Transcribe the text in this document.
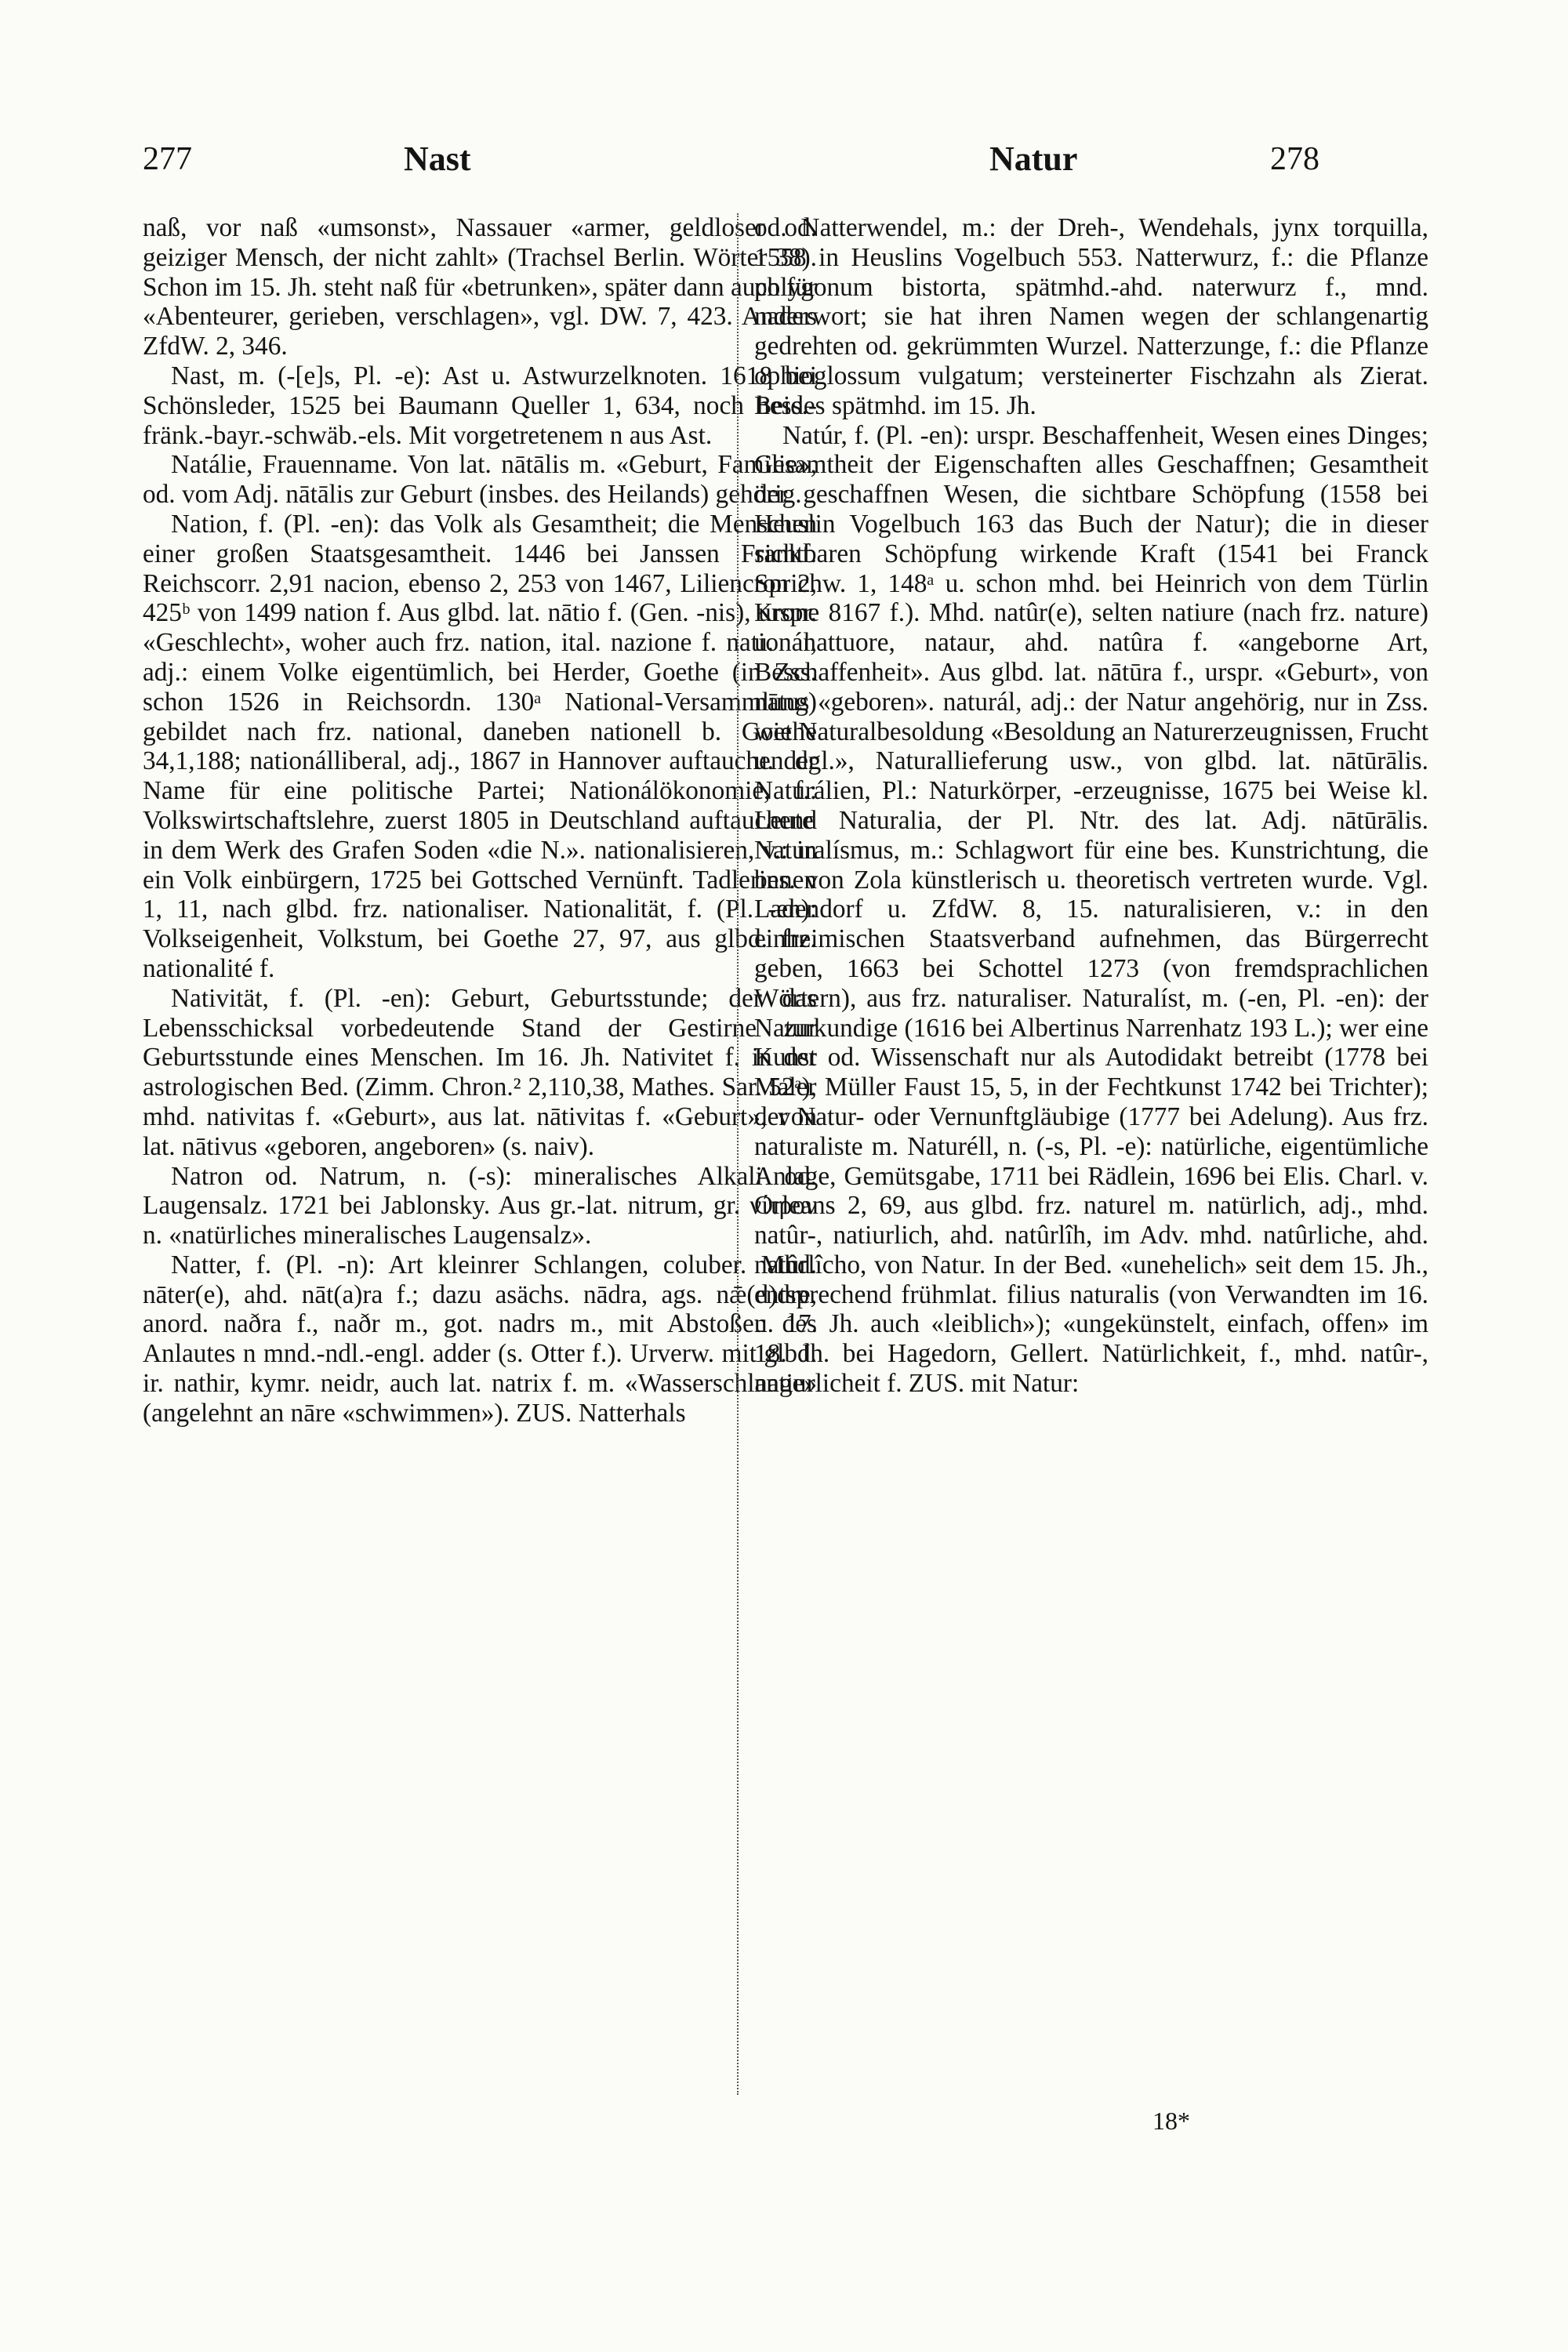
277	Nast	Natur	278

naß, vor naß «umsonst», Nassauer «armer, geldloser od. geiziger Mensch, der nicht zahlt» (Trachsel Berlin. Wörter 38). Schon im 15. Jh. steht naß für «betrunken», später dann auch für «Abenteurer, gerieben, verschlagen», vgl. DW. 7, 423. Anders ZfdW. 2, 346.

Nast, m. (-[e]s, Pl. -e): Ast u. Astwurzelknoten. 1618 bei Schönsleder, 1525 bei Baumann Queller 1, 634, noch hess.-fränk.-bayr.-schwäb.-els. Mit vorgetretenem n aus Ast.

Natálie, Frauenname. Von lat. nātālis m. «Geburt, Familie», od. vom Adj. nātālis zur Geburt (insbes. des Heilands) gehörig.

Nation, f. (Pl. -en): das Volk als Gesamtheit; die Menschen einer großen Staatsgesamtheit. 1446 bei Janssen Frankf. Reichscorr. 2,91 nacion, ebenso 2, 253 von 1467, Liliencron 2, 425ᵇ von 1499 nation f. Aus glbd. lat. nātio f. (Gen. -nis), urspr. «Geschlecht», woher auch frz. nation, ital. nazione f. nationál, adj.: einem Volke eigentümlich, bei Herder, Goethe (in Zss. schon 1526 in Reichsordn. 130ᵃ National-Versammlung) gebildet nach frz. national, daneben nationell b. Goethe 34,1,188; nationálliberal, adj., 1867 in Hannover auftauchender Name für eine politische Partei; Nationálökonomie, f.: Volkswirtschaftslehre, zuerst 1805 in Deutschland auftauchend in dem Werk des Grafen Soden «die N.». nationalisieren, v.: in ein Volk einbürgern, 1725 bei Gottsched Vernünft. Tadlerinnen 1, 11, nach glbd. frz. nationaliser. Nationalität, f. (Pl. -en): Volkseigenheit, Volkstum, bei Goethe 27, 97, aus glbd. frz. nationalité f.

Nativität, f. (Pl. -en): Geburt, Geburtsstunde; der das Lebensschicksal vorbedeutende Stand der Gestirne zur Geburtsstunde eines Menschen. Im 16. Jh. Nativitet f. in der astrologischen Bed. (Zimm. Chron.² 2,110,38, Mathes. Sar. 52ᵃ), mhd. nativitas f. «Geburt», aus lat. nātivitas f. «Geburt», von lat. nātivus «geboren, angeboren» (s. naiv).

Natron od. Natrum, n. (-s): mineralisches Alkali od. Laugensalz. 1721 bei Jablonsky. Aus gr.-lat. nitrum, gr. νίτρον n. «natürliches mineralisches Laugensalz».

Natter, f. (Pl. -n): Art kleinrer Schlangen, coluber. Mhd. nāter(e), ahd. nāt(a)ra f.; dazu asächs. nādra, ags. nǣ(d)dre, anord. naðra f., naðr m., got. nadrs m., mit Abstoßen des Anlautes n mnd.-ndl.-engl. adder (s. Otter f.). Urverw. mit glbd. ir. nathir, kymr. neidr, auch lat. natrix f. m. «Wasserschlange» (angelehnt an nāre «schwimmen»). ZUS. Natterhals

od. Natterwendel, m.: der Dreh-, Wendehals, jynx torquilla, 1558 in Heuslins Vogelbuch 553. Natterwurz, f.: die Pflanze polygonum bistorta, spätmhd.-ahd. naterwurz f., mnd. naderwort; sie hat ihren Namen wegen der schlangenartig gedrehten od. gekrümmten Wurzel. Natterzunge, f.: die Pflanze ophioglossum vulgatum; versteinerter Fischzahn als Zierat. Beides spätmhd. im 15. Jh.

Natúr, f. (Pl. -en): urspr. Beschaffenheit, Wesen eines Dinges; Gesamtheit der Eigenschaften alles Geschaffnen; Gesamtheit der geschaffnen Wesen, die sichtbare Schöpfung (1558 bei Heuslin Vogelbuch 163 das Buch der Natur); die in dieser sichtbaren Schöpfung wirkende Kraft (1541 bei Franck Sprichw. 1, 148ᵃ u. schon mhd. bei Heinrich von dem Türlin Krone 8167 f.). Mhd. natûr(e), selten natiure (nach frz. nature) u. nattuore, nataur, ahd. natûra f. «angeborne Art, Beschaffenheit». Aus glbd. lat. nātūra f., urspr. «Geburt», von nātus «geboren». naturál, adj.: der Natur angehörig, nur in Zss. wie Naturalbesoldung «Besoldung an Naturerzeugnissen, Frucht u. dgl.», Naturallieferung usw., von glbd. lat. nātūrālis. Naturálien, Pl.: Naturkörper, -erzeugnisse, 1675 bei Weise kl. Leute Naturalia, der Pl. Ntr. des lat. Adj. nātūrālis. Naturalísmus, m.: Schlagwort für eine bes. Kunstrichtung, die bes. von Zola künstlerisch u. theoretisch vertreten wurde. Vgl. Ladendorf u. ZfdW. 8, 15. naturalisieren, v.: in den einheimischen Staatsverband aufnehmen, das Bürgerrecht geben, 1663 bei Schottel 1273 (von fremdsprachlichen Wörtern), aus frz. naturaliser. Naturalíst, m. (-en, Pl. -en): der Naturkundige (1616 bei Albertinus Narrenhatz 193 L.); wer eine Kunst od. Wissenschaft nur als Autodidakt betreibt (1778 bei Maler Müller Faust 15, 5, in der Fechtkunst 1742 bei Trichter); der Natur- oder Vernunftgläubige (1777 bei Adelung). Aus frz. naturaliste m. Naturéll, n. (-s, Pl. -e): natürliche, eigentümliche Anlage, Gemütsgabe, 1711 bei Rädlein, 1696 bei Elis. Charl. v. Orleans 2, 69, aus glbd. frz. naturel m. natürlich, adj., mhd. natûr-, natiurlich, ahd. natûrlîh, im Adv. mhd. natûrliche, ahd. natûrlîcho, von Natur. In der Bed. «unehelich» seit dem 15. Jh., entsprechend frühmlat. filius naturalis (von Verwandten im 16. u. 17. Jh. auch «leiblich»); «ungekünstelt, einfach, offen» im 18. Jh. bei Hagedorn, Gellert. Natürlichkeit, f., mhd. natûr-, natiurlicheit f. ZUS. mit Natur:

18*
